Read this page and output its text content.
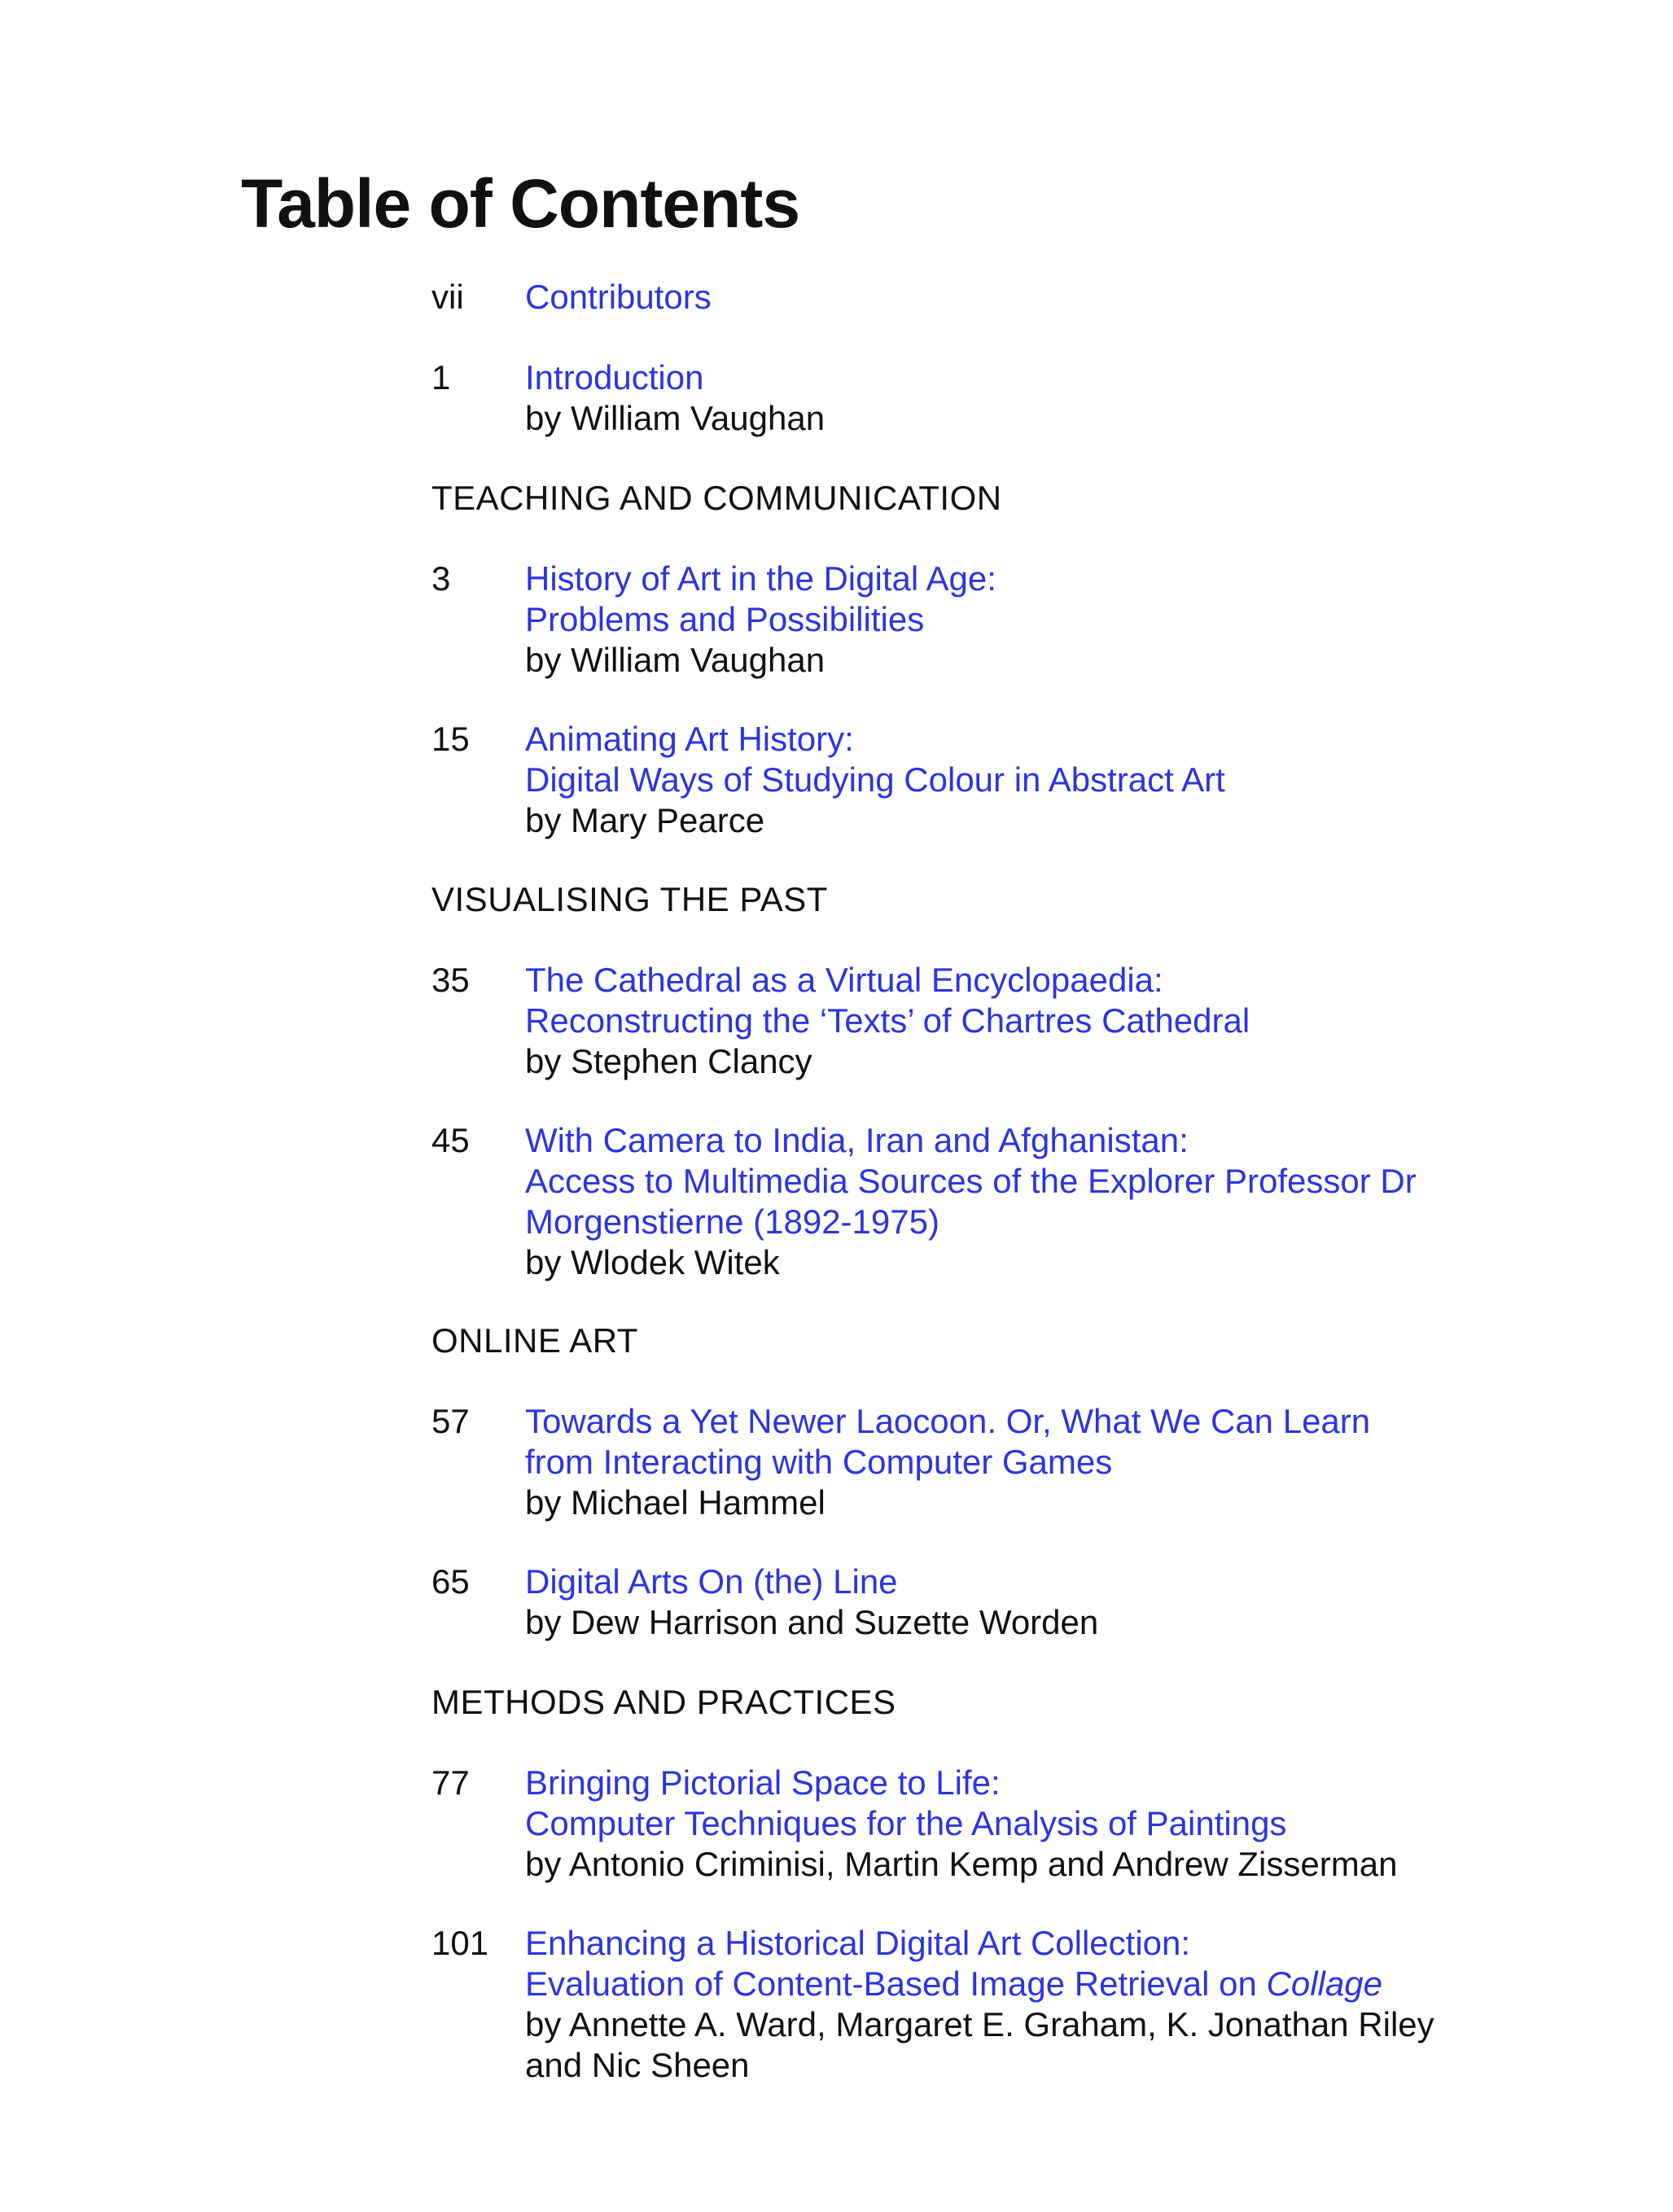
Table of Contents
vii	Contributors
1	Introduction
by William Vaughan
TEACHING AND COMMUNICATION
3	History of Art in the Digital Age:
Problems and Possibilities
by William Vaughan
15	Animating Art History:
Digital Ways of Studying Colour in Abstract Art
by Mary Pearce
VISUALISING THE PAST
35	The Cathedral as a Virtual Encyclopaedia:
Reconstructing the ‘Texts’ of Chartres Cathedral
by Stephen Clancy
45	With Camera to India, Iran and Afghanistan:
Access to Multimedia Sources of the Explorer Professor Dr
Morgenstierne (1892-1975)
by Wlodek Witek
ONLINE ART
57	Towards a Yet Newer Laocoon. Or, What We Can Learn
from Interacting with Computer Games
by Michael Hammel
65	Digital Arts On (the) Line
by Dew Harrison and Suzette Worden
METHODS AND PRACTICES
77	Bringing Pictorial Space to Life:
Computer Techniques for the Analysis of Paintings
by Antonio Criminisi, Martin Kemp and Andrew Zisserman
101	Enhancing a Historical Digital Art Collection:
Evaluation of Content-Based Image Retrieval on Collage
by Annette A. Ward, Margaret E. Graham, K. Jonathan Riley
and Nic Sheen
